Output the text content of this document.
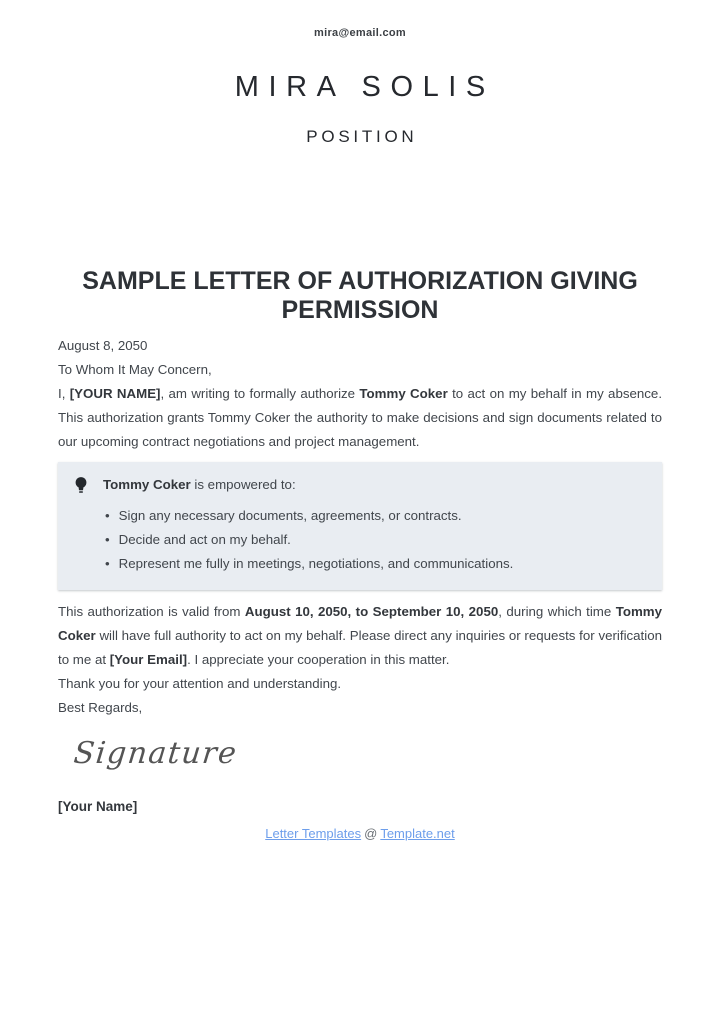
mira@email.com
MIRA SOLIS
POSITION
SAMPLE LETTER OF AUTHORIZATION GIVING PERMISSION

August 8, 2050

To Whom It May Concern,

I, [YOUR NAME], am writing to formally authorize Tommy Coker to act on my behalf in my absence. This authorization grants Tommy Coker the authority to make decisions and sign documents related to our upcoming contract negotiations and project management.

Tommy Coker is empowered to:
• Sign any necessary documents, agreements, or contracts.
• Decide and act on my behalf.
• Represent me fully in meetings, negotiations, and communications.

This authorization is valid from August 10, 2050, to September 10, 2050, during which time Tommy Coker will have full authority to act on my behalf. Please direct any inquiries or requests for verification to me at [Your Email]. I appreciate your cooperation in this matter.

Thank you for your attention and understanding.

Best Regards,

Signature
[Your Name]
Letter Templates @ Template.net
